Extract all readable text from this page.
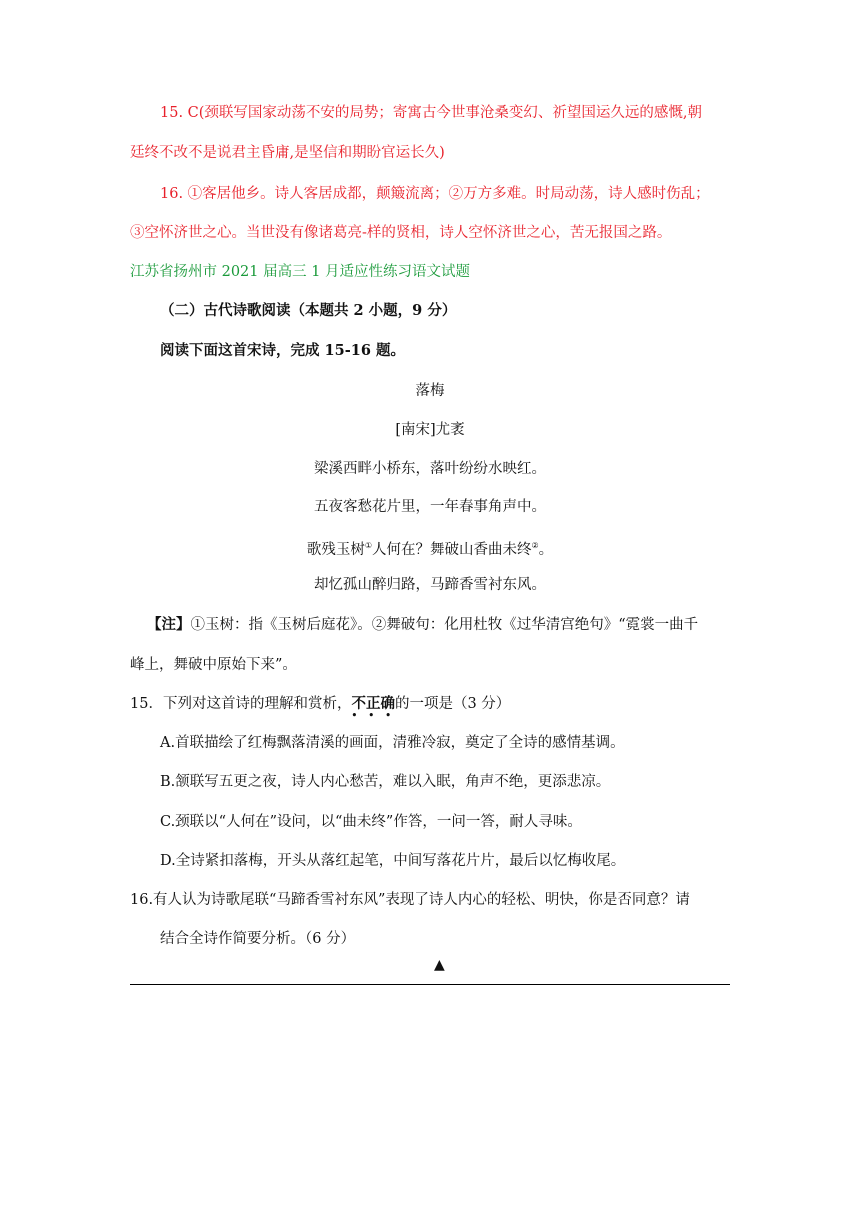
15. C(颈联写国家动荡不安的局势；寄寓古今世事沧桑变幻、祈望国运久远的感慨,朝
廷终不改不是说君主昏庸,是坚信和期盼官运长久)
16. ①客居他乡。诗人客居成都，颠簸流离；②万方多难。时局动荡，诗人感时伤乱；
③空怀济世之心。当世没有像诸葛亮-样的贤相，诗人空怀济世之心，苦无报国之路。
江苏省扬州市 2021 届高三 1 月适应性练习语文试题
（二）古代诗歌阅读（本题共 2 小题，9 分）
阅读下面这首宋诗，完成 15-16 题。
落梅
[南宋]尤袤
梁溪西畔小桥东，落叶纷纷水映红。
五夜客愁花片里，一年春事角声中。
歌残玉树①人何在？舞破山香曲未终②。
却忆孤山醉归路，马蹄香雪衬东风。
【注】①玉树：指《玉树后庭花》。②舞破句：化用杜牧《过华清宫绝句》“霓裳一曲千
峰上，舞破中原始下来”。
15．下列对这首诗的理解和赏析，不正确
• • •
的一项是（3 分）
A.首联描绘了红梅飘落清溪的画面，清雅冷寂，奠定了全诗的感情基调。
B.颔联写五更之夜，诗人内心愁苦，难以入眠，角声不绝，更添悲凉。
C.颈联以“人何在”设问，以“曲未终”作答，一问一答，耐人寻味。
D.全诗紧扣落梅，开头从落红起笔，中间写落花片片，最后以忆梅收尾。
16.有人认为诗歌尾联“马蹄香雪衬东风”表现了诗人内心的轻松、明快，你是否同意？请
结合全诗作简要分析。（6 分）
▲
